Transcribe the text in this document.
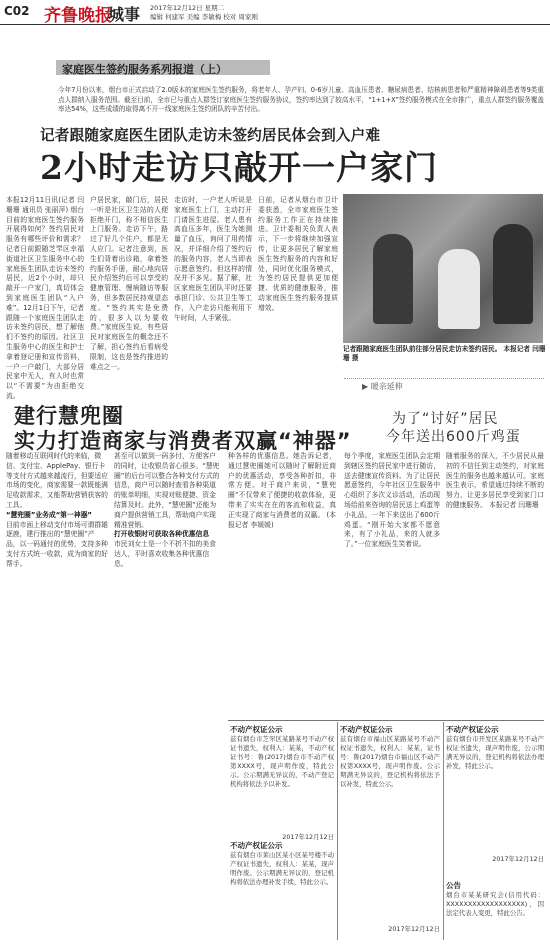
C02 齐鲁晚报
城事 2017年12月12日 星期二
编辑 何建军 美编 李敏梅 校对 周家刚
家庭医生签约服务系列报道（上）
今年7月份以来，烟台市正式启动了2.0版本的家庭医生签约服务，将老年人、孕产妇、0-6岁儿童、高血压患者、糖尿病患者、结核病患者和严重精神障碍患者等9类重点人群纳入服务范围。截至目前，全市已与重点人群签订家庭医生签约服务协议，签约率达到了较高水平，“1+1+X”签约服务模式在全市推广，重点人群签约服务覆盖率达54%，这些成绩的取得离不开一线家庭医生签约团队的辛苦付出。
记者跟随家庭医生团队走访未签约居民体会到入户难
2小时走访只敲开一户家门
本报12月11日讯(记者 闫珊珊 通讯员 张丽萍) 烟台目前的家庭医生签约服务开展得如何？签约居民对服务有哪些评价和需求？记者日前跟随芝罘区幸福街道社区卫生服务中心的家庭医生团队走访未签约居民，近2个小时，却只敲开一户家门，真切体会到家庭医生团队“入户难”。12月1日下午，记者跟随一个家庭医生团队走访未签约居民，想了解他们不签约的原因。社区卫生服务中心的医生和护士拿着登记册和宣传资料，一户一户敲门，大部分居民家中无人，有人时也常以“不需要”为由拒绝交流。
户居民家，敲门后，居民一听是社区卫生站的人便拒绝开门，称不相信医生上门服务。走访下午，路过了好几个住户，都是无人应门。记者注意到，医生们背着出诊箱，拿着签约服务手册，耐心地向居民介绍签约后可以享受的健康管理、慢病随访等服务，但多数居民持观望态度。“签约其实是免费的，很多人以为要收费。”家庭医生说，有些居民对家庭医生的概念还不了解，担心签约后看病受限制，这也是签约推进的难点之一。
走访时，一户老人听说是家庭医生上门，主动打开门请医生进屋。老人患有高血压多年，医生为她测量了血压，询问了用药情况，并详细介绍了签约后的服务内容，老人当即表示愿意签约。但这样的情况并不多见。据了解，社区家庭医生团队平时还要承担门诊、公共卫生等工作，入户走访只能利用下午时间，人手紧张。
日前，记者从烟台市卫计委获悉，全市家庭医生签约服务工作正在持续推进。卫计委相关负责人表示，下一步将继续加强宣传，让更多居民了解家庭医生签约服务的内容和好处，同时优化服务模式，为签约居民提供更加便捷、优质的健康服务，推动家庭医生签约服务提质增效。
记者跟随家庭医生团队前往部分居民走访未签约居民。 本报记者 闫珊珊 摄
▶ 暖亲延伸
为了“讨好”居民
今年送出600斤鸡蛋
每个季度，家庭医生团队会定期到辖区签约居民家中进行随访，送去健康宣传资料。为了让居民愿意签约，今年社区卫生服务中心组织了多次义诊活动，活动现场给前来咨询的居民送上鸡蛋等小礼品，一年下来送出了600斤鸡蛋。“刚开始大家都不愿意来，有了小礼品，来的人就多了。”一位家庭医生笑着说。
随着服务的深入，不少居民从最初的不信任到主动签约，对家庭医生的服务也越来越认可。家庭医生表示，希望通过持续不断的努力，让更多居民享受到家门口的健康服务。 本报记者 闫珊珊
建行慧兜圈
实力打造商家与消费者双赢“神器”
随着移动互联网时代的来临，微信、支付宝、ApplePay、银行卡等支付方式越来越流行，但要适应市场的变化，商家需要一款既能满足收款需求，又能帮助营销获客的工具。
“慧兜圈”业务成“第一神器”
目前市面上移动支付市场可谓群雄逐鹿，建行推出的“慧兜圈”产品，以一码通付的优势，支持多种支付方式统一收款，成为商家的好帮手。
甚至可以做到一码多付，方便客户的同时，让收银员省心很多。“慧兜圈”的后台可以整合各种支付方式的信息，商户可以随时查看各种渠道的账单明细，实现对账便捷、资金结算及时。此外，“慧兜圈”还能为商户提供营销工具，帮助商户实现精准营销。
打开收银时可获取各种优惠信息
市民刘女士是一个不折不扣的美食达人，平时喜欢收集各种优惠信息。
种各样的优惠信息。她告诉记者，通过慧兜圈她可以随时了解附近商户的优惠活动，享受各种折扣，非常方便。对于商户来说，“慧兜圈”不仅带来了便捷的收款体验，更带来了实实在在的客流和收益，真正实现了商家与消费者的双赢。 (本报记者 李媛媛)
不动产权证公示
兹有烟台市芝罘区某路某号不动产权证书遗失，权利人：某某，不动产权证书号：鲁(2017)烟台市不动产权第XXXX号，现声明作废，特此公示。公示期满无异议的，不动产登记机构将依法予以补发。
2017年12月12日
不动产权证公示
兹有烟台市莱山区某小区某号楼不动产权证书遗失，权利人：某某，现声明作废。公示期满无异议的，登记机构将依法办理补发手续，特此公示。
不动产权证公示
兹有烟台市福山区某路某号不动产权证书遗失，权利人：某某，证书号：鲁(2017)烟台市福山区不动产权第XXXX号，现声明作废。公示期满无异议的，登记机构将依法予以补发，特此公示。
2017年12月12日
不动产权证公示
兹有烟台市开发区某路某号不动产权证书遗失，现声明作废，公示期满无异议的，登记机构将依法办理补发，特此公示。
2017年12月12日
公告
烟台市某某研究会(信用代码：XXXXXXXXXXXXXXXXXX)，因法定代表人变更，特此公告。
